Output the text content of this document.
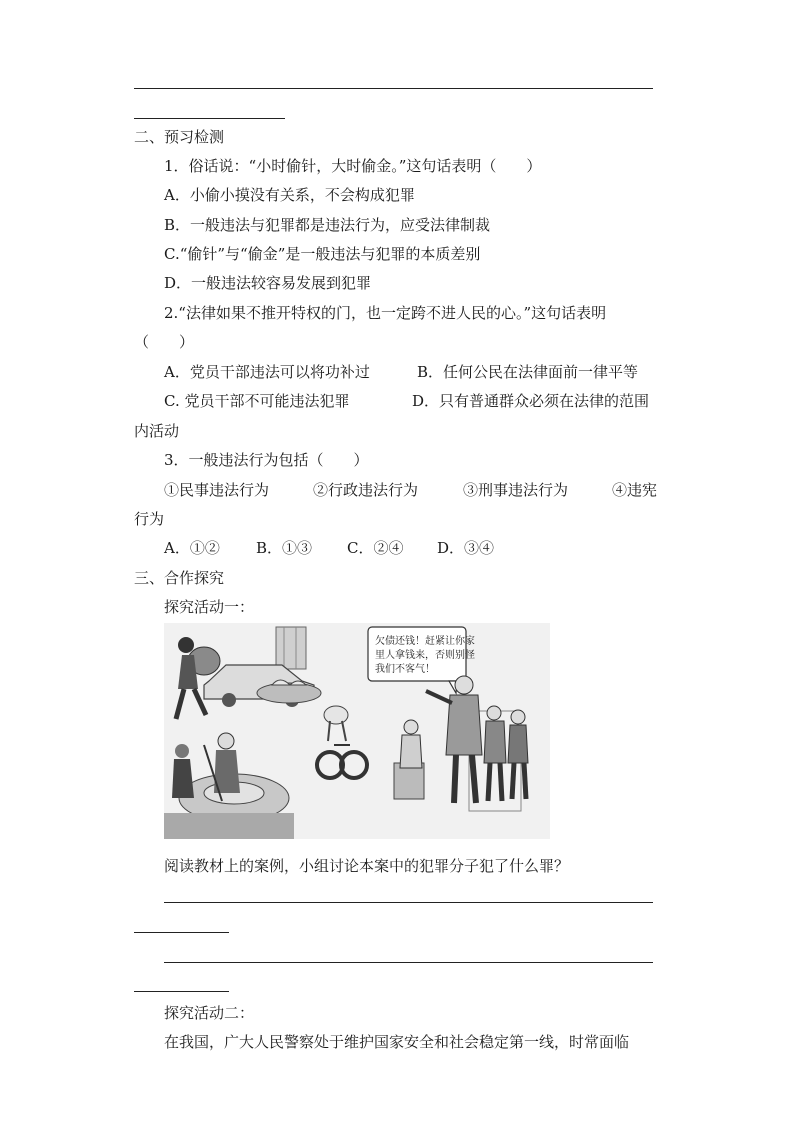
二、预习检测
1．俗话说：“小时偷针，大时偷金。”这句话表明（　　）
A．小偷小摸没有关系，不会构成犯罪
B．一般违法与犯罪都是违法行为，应受法律制裁
C.“偷针”与“偷金”是一般违法与犯罪的本质差别
D．一般违法较容易发展到犯罪
2.“法律如果不推开特权的门，也一定跨不进人民的心。”这句话表明
（　　）
A．党员干部违法可以将功补过	B．任何公民在法律面前一律平等
C. 党员干部不可能违法犯罪	D．只有普通群众必须在法律的范围
内活动
3．一般违法行为包括（　　）
①民事违法行为	②行政违法行为	③刑事违法行为	④违宪
行为
A．①② B．①③ C．②④ D．③④
三、合作探究
探究活动一：
欠债还钱！赶紧让你家
里人拿钱来，否则别怪
我们不客气！
阅读教材上的案例，小组讨论本案中的犯罪分子犯了什么罪？
探究活动二：
在我国，广大人民警察处于维护国家安全和社会稳定第一线，时常面临
